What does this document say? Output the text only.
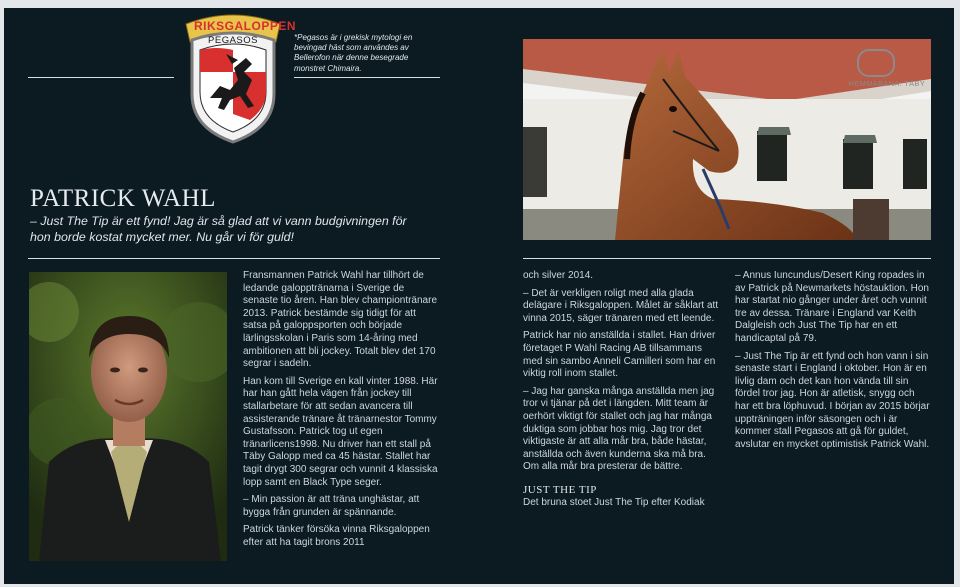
RIKSGALOPPEN
PEGASOS	*Pegasos är i grekisk mytologi en bevingad häst som användes av Bellerofon när denne besegrade monstret Chimaira.
PATRICK WAHL
– Just The Tip är ett fynd! Jag är så glad att vi vann budgivningen för hon borde kostat mycket mer. Nu går vi för guld!

Fransmannen Patrick Wahl har tillhört de ledande galopptränarna i Sverige de senaste tio åren. Han blev championtränare 2013. Patrick bestämde sig tidigt för att satsa på galoppsporten och började lärlingsskolan i Paris som 14-åring med ambitionen att bli jockey. Totalt blev det 170 segrar i sadeln.

Han kom till Sverige en kall vinter 1988. Här har han gått hela vägen från jockey till stallarbetare för att sedan avancera till assisterande tränare åt tränarnestor Tommy Gustafsson. Patrick tog ut egen tränarlicens1998. Nu driver han ett stall på Täby Galopp med ca 45 hästar. Stallet har tagit drygt 300 segrar och vunnit 4 klassiska lopp samt en Black Type seger.

– Min passion är att träna unghästar, att bygga från grunden är spännande.

Patrick tänker försöka vinna Riksgaloppen efter att ha tagit brons 2011

HEMMABANA: TÄBY

och silver 2014.

– Det är verkligen roligt med alla glada delägare i Riksgaloppen. Målet är såklart att vinna 2015, säger tränaren med ett leende.

Patrick har nio anställda i stallet. Han driver företaget P Wahl Racing AB tillsammans med sin sambo Anneli Camilleri som har en viktig roll inom stallet.

– Jag har ganska många anställda men jag tror vi tjänar på det i längden. Mitt team är oerhört viktigt för stallet och jag har många duktiga som jobbar hos mig. Jag tror det viktigaste är att alla mår bra, både hästar, anställda och även kunderna ska må bra. Om alla mår bra presterar de bättre.

JUST THE TIP

Det bruna stoet Just The Tip efter Kodiak

– Annus Iuncundus/Desert King ropades in av Patrick på Newmarkets höstauktion. Hon har startat nio gånger under året och vunnit tre av dessa. Tränare i England var Keith Dalgleish och Just The Tip har en ett handicaptal på 79.

– Just The Tip är ett fynd och hon vann i sin senaste start i England i oktober. Hon är en livlig dam och det kan hon vända till sin fördel tror jag. Hon är atletisk, snygg och har ett bra löphuvud. I början av 2015 börjar uppträningen inför säsongen och i är kommer stall Pegasos att gå för guldet, avslutar en mycket optimistisk Patrick Wahl.
